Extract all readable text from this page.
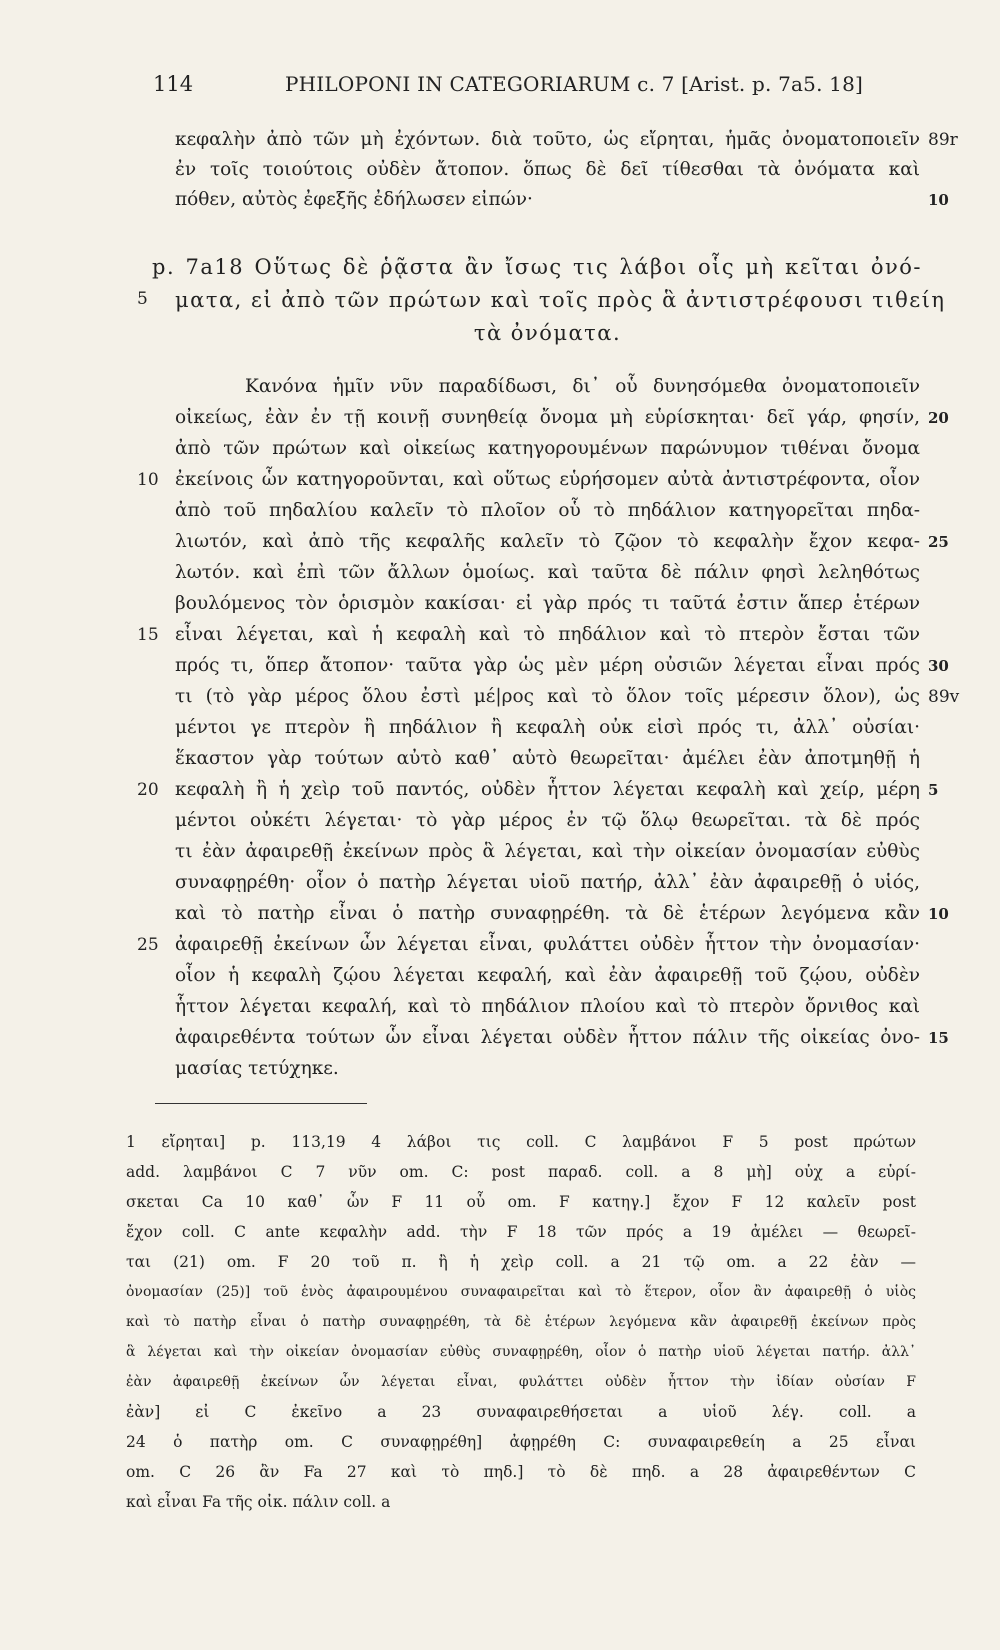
114	PHILOPONI IN CATEGORIARUM c. 7 [Arist. p. 7a5. 18]
κεφαλὴν ἀπὸ τῶν μὴ ἐχόντων. διὰ τοῦτο, ὡς εἴρηται, ἡμᾶς ὀνοματοποιεῖν
ἐν τοῖς τοιούτοις οὐδὲν ἄτοπον. ὅπως δὲ δεῖ τίθεσθαι τὰ ὀνόματα καὶ
πόθεν, αὐτὸς ἐφεξῆς ἐδήλωσεν εἰπών·
p. 7a18 Οὕτως δὲ ῥᾷστα ἂν ἴσως τις λάβοι οἷς μὴ κεῖται ὀνό-
ματα, εἰ ἀπὸ τῶν πρώτων καὶ τοῖς πρὸς ἃ ἀντιστρέφουσι τιθείη
τὰ ὀνόματα.
Κανόνα ἡμῖν νῦν παραδίδωσι, δι᾽ οὗ δυνησόμεθα ὀνοματοποιεῖν
οἰκείως, ἐὰν ἐν τῇ κοινῇ συνηθείᾳ ὄνομα μὴ εὑρίσκηται· δεῖ γάρ, φησίν,
ἀπὸ τῶν πρώτων καὶ οἰκείως κατηγορουμένων παρώνυμον τιθέναι ὄνομα
ἐκείνοις ὧν κατηγοροῦνται, καὶ οὕτως εὑρήσομεν αὐτὰ ἀντιστρέφοντα, οἷον
ἀπὸ τοῦ πηδαλίου καλεῖν τὸ πλοῖον οὗ τὸ πηδάλιον κατηγορεῖται πηδα-
λιωτόν, καὶ ἀπὸ τῆς κεφαλῆς καλεῖν τὸ ζῷον τὸ κεφαλὴν ἔχον κεφα-
λωτόν. καὶ ἐπὶ τῶν ἄλλων ὁμοίως. καὶ ταῦτα δὲ πάλιν φησὶ λεληθότως
βουλόμενος τὸν ὁρισμὸν κακίσαι· εἰ γὰρ πρός τι ταῦτά ἐστιν ἅπερ ἑτέρων
εἶναι λέγεται, καὶ ἡ κεφαλὴ καὶ τὸ πηδάλιον καὶ τὸ πτερὸν ἔσται τῶν
πρός τι, ὅπερ ἄτοπον· ταῦτα γὰρ ὡς μὲν μέρη οὐσιῶν λέγεται εἶναι πρός
τι (τὸ γὰρ μέρος ὅλου ἐστὶ μέ|ρος καὶ τὸ ὅλον τοῖς μέρεσιν ὅλον), ὡς
μέντοι γε πτερὸν ἢ πηδάλιον ἢ κεφαλὴ οὐκ εἰσὶ πρός τι, ἀλλ᾽ οὐσίαι·
ἕκαστον γὰρ τούτων αὐτὸ καθ᾽ αὑτὸ θεωρεῖται· ἀμέλει ἐὰν ἀποτμηθῇ ἡ
κεφαλὴ ἢ ἡ χεὶρ τοῦ παντός, οὐδὲν ἧττον λέγεται κεφαλὴ καὶ χείρ, μέρη
μέντοι οὐκέτι λέγεται· τὸ γὰρ μέρος ἐν τῷ ὅλῳ θεωρεῖται. τὰ δὲ πρός
τι ἐὰν ἀφαιρεθῇ ἐκείνων πρὸς ἃ λέγεται, καὶ τὴν οἰκείαν ὀνομασίαν εὐθὺς
συναφῃρέθη· οἷον ὁ πατὴρ λέγεται υἱοῦ πατήρ, ἀλλ᾽ ἐὰν ἀφαιρεθῇ ὁ υἱός,
καὶ τὸ πατὴρ εἶναι ὁ πατὴρ συναφῃρέθη. τὰ δὲ ἑτέρων λεγόμενα κἂν
ἀφαιρεθῇ ἐκείνων ὧν λέγεται εἶναι, φυλάττει οὐδὲν ἧττον τὴν ὀνομασίαν·
οἷον ἡ κεφαλὴ ζῴου λέγεται κεφαλή, καὶ ἐὰν ἀφαιρεθῇ τοῦ ζῴου, οὐδὲν
ἧττον λέγεται κεφαλή, καὶ τὸ πηδάλιον πλοίου καὶ τὸ πτερὸν ὄρνιθος καὶ
ἀφαιρεθέντα τούτων ὧν εἶναι λέγεται οὐδὲν ἧττον πάλιν τῆς οἰκείας ὀνο-
μασίας τετύχηκε.
5
10
15
20
25
89r
10
20
25
30
89v
5
10
15
1 εἴρηται] p. 113,19 4 λάβοι τις coll. C λαμβάνοι F 5 post πρώτων
add. λαμβάνοι C 7 νῦν om. C: post παραδ. coll. a 8 μὴ] οὐχ a εὑρί-
σκεται Ca 10 καθ᾽ ὧν F 11 οὗ om. F κατηγ.] ἔχον F 12 καλεῖν post
ἔχον coll. C ante κεφαλὴν add. τὴν F 18 τῶν πρός a 19 ἀμέλει — θεωρεῖ-
ται (21) om. F 20 τοῦ π. ἢ ἡ χεὶρ coll. a 21 τῷ om. a 22 ἐὰν —
ὀνομασίαν (25)] τοῦ ἑνὸς ἀφαιρουμένου συναφαιρεῖται καὶ τὸ ἕτερον, οἷον ἂν ἀφαιρεθῇ ὁ υἱὸς
καὶ τὸ πατὴρ εἶναι ὁ πατὴρ συναφῃρέθη, τὰ δὲ ἑτέρων λεγόμενα κἂν ἀφαιρεθῇ ἐκείνων πρὸς
ἃ λέγεται καὶ τὴν οἰκείαν ὀνομασίαν εὐθὺς συναφῃρέθη, οἷον ὁ πατὴρ υἱοῦ λέγεται πατήρ. ἀλλ᾽
ἐὰν ἀφαιρεθῇ ἐκείνων ὧν λέγεται εἶναι, φυλάττει οὐδὲν ἧττον τὴν ἰδίαν οὐσίαν F
ἐὰν] εἰ C ἐκεῖνο a 23 συναφαιρεθήσεται a υἱοῦ λέγ. coll. a
24 ὁ πατὴρ om. C συναφῃρέθη] ἀφῃρέθη C: συναφαιρεθείη a 25 εἶναι
om. C 26 ἂν Fa 27 καὶ τὸ πηδ.] τὸ δὲ πηδ. a 28 ἀφαιρεθέντων C
καὶ εἶναι Fa τῆς οἰκ. πάλιν coll. a
